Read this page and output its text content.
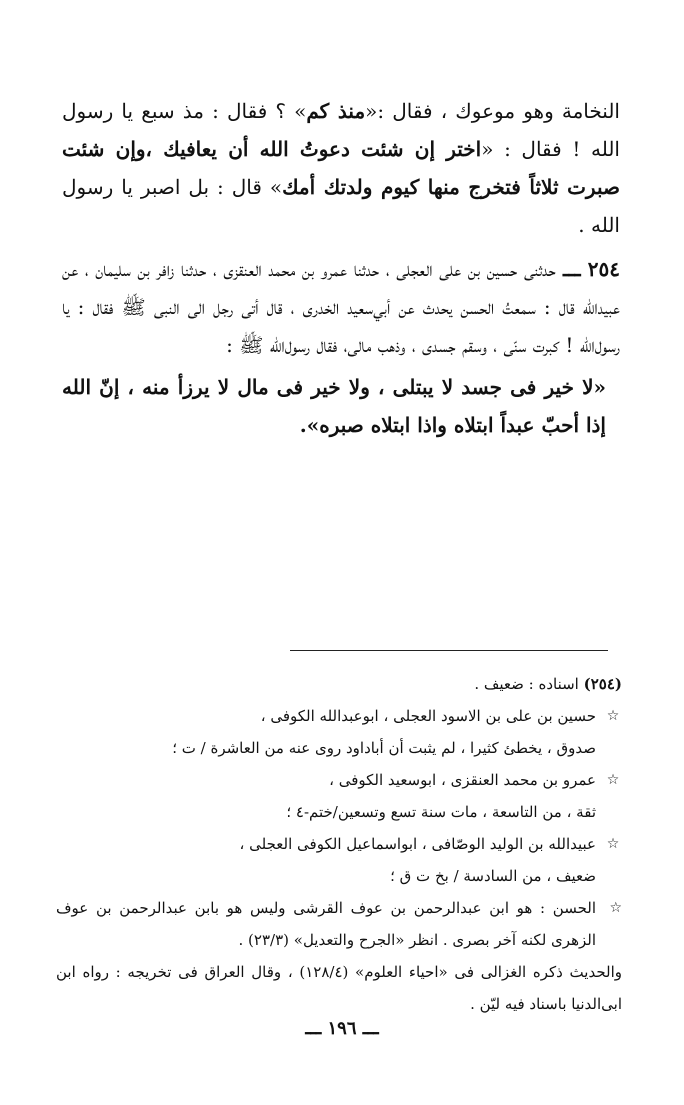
النخامة وهو موعوك ، فقال :«منذ كم» ؟ فقال : مذ سبع يا رسول الله ! فقال : «اختر إن شئت دعوتُ الله أن يعافيك ،وإن شئت صبرت ثلاثاً فتخرج منها كيوم ولدتك أمك» قال : بل اصبر يا رسول الله .

٢٥٤ ـــ حدثنى حسين بن على العجلى ، حدثنا عمرو بن محمد العنقزى ، حدثنا زافر بن سليمان ، عن عبيدالله قال : سمعتُ الحسن يحدث عن أبي‌سعيد الخدرى ، قال أتى رجل الى النبى ﷺ فقال : يا رسول‌الله ! كبرت سنّى ، وسقم جسدى ، وذهب مالى، فقال رسول‌الله ﷺ :

«لا خير فى جسد لا يبتلى ، ولا خير فى مال لا يرزأ منه ، إنّ الله إذا أحبّ عبداً ابتلاه واذا ابتلاه صبره».

(٢٥٤) اسناده : ضعيف .

☆
حسين بن على بن الاسود العجلى ، ابوعبدالله الكوفى ،

صدوق ، يخطئ كثيرا ، لم يثبت أن أباداود روى عنه من العاشرة / ت ؛

☆
عمرو بن محمد العنقزى ، ابوسعيد الكوفى ،

ثقة ، من التاسعة ، مات سنة تسع وتسعين/ختم-٤ ؛

☆
عبيدالله بن الوليد الوصّافى ، ابواسماعيل الكوفى العجلى ،

ضعيف ، من السادسة / بخ ت ق ؛

☆
الحسن : هو ابن عبدالرحمن بن عوف القرشى وليس هو بابن عبدالرحمن بن عوف الزهرى لكنه آخر بصرى . انظر «الجرح والتعديل» (٢٣/٣) .

والحديث ذكره الغزالى فى «احياء العلوم» (١٢٨/٤) ، وقال العراق فى تخريجه : رواه ابن ابى‌الدنيا باسناد فيه ليّن .

ـــ ١٩٦ ـــ
